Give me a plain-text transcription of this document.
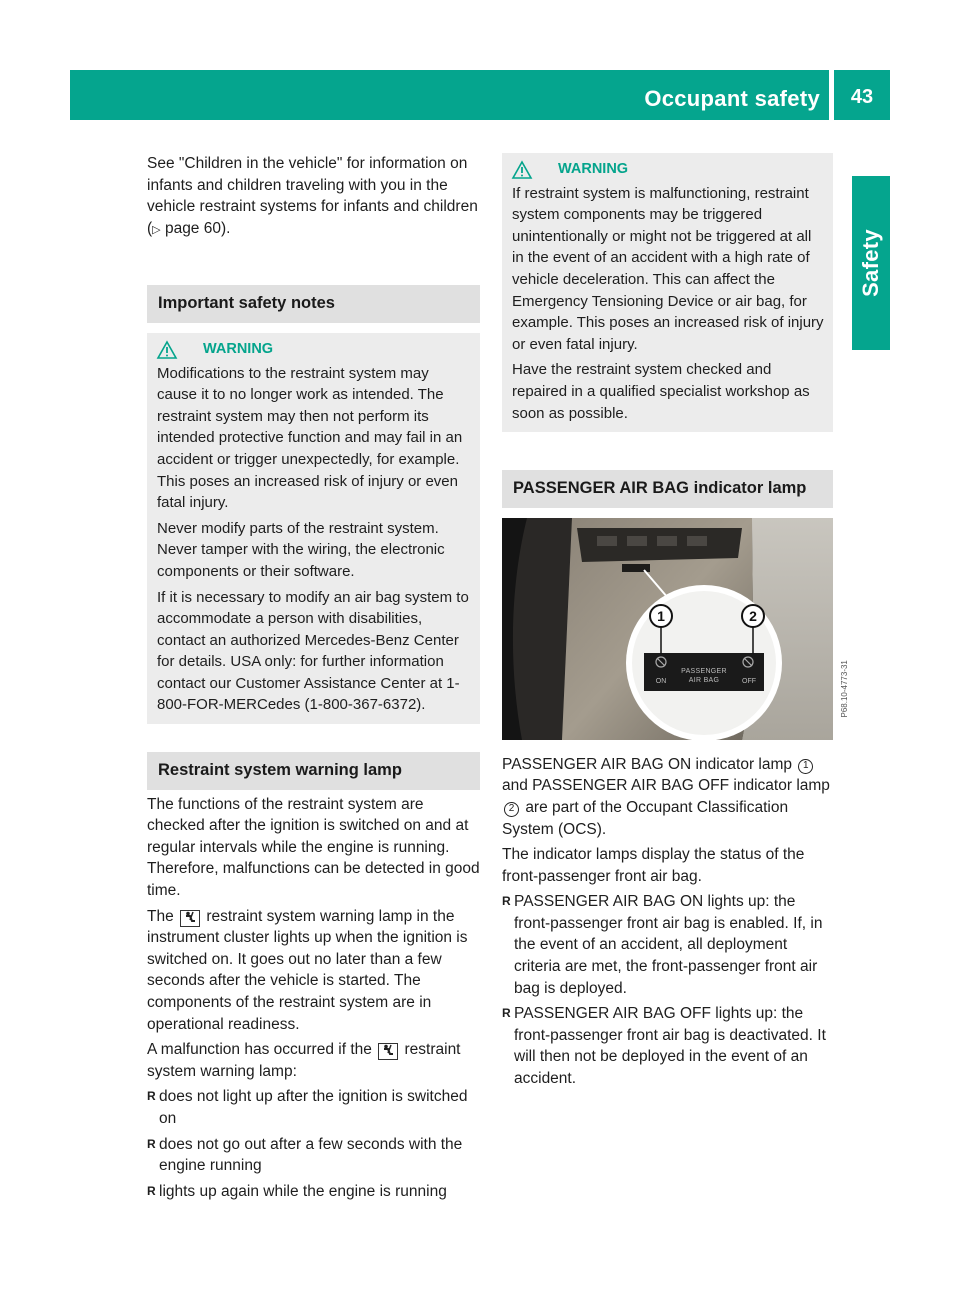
Occupant safety	43
Safety

See "Children in the vehicle" for information on infants and children traveling with you in the vehicle restraint systems for infants and children (▷ page 60).

Important safety notes
WARNING

Modifications to the restraint system may cause it to no longer work as intended. The restraint system may then not perform its intended protective function and may fail in an accident or trigger unexpectedly, for example. This poses an increased risk of injury or even fatal injury.

Never modify parts of the restraint system. Never tamper with the wiring, the electronic components or their software.

If it is necessary to modify an air bag system to accommodate a person with disabilities, contact an authorized Mercedes-Benz Center for details. USA only: for further information contact our Customer Assistance Center at 1-800-FOR-MERCedes (1-800-367-6372).

Restraint system warning lamp

The functions of the restraint system are checked after the ignition is switched on and at regular intervals while the engine is running. Therefore, malfunctions can be detected in good time.

The restraint system warning lamp in the instrument cluster lights up when the ignition is switched on. It goes out no later than a few seconds after the vehicle is started. The components of the restraint system are in operational readiness.

A malfunction has occurred if the restraint system warning lamp:

R does not light up after the ignition is switched on
R does not go out after a few seconds with the engine running
R lights up again while the engine is running
WARNING

If restraint system is malfunctioning, restraint system components may be triggered unintentionally or might not be triggered at all in the event of an accident with a high rate of vehicle deceleration. This can affect the Emergency Tensioning Device or air bag, for example. This poses an increased risk of injury or even fatal injury.

Have the restraint system checked and repaired in a qualified specialist workshop as soon as possible.

PASSENGER AIR BAG indicator lamp
1	2
ON	OFF
PASSENGER
AIR BAG	P68.10-4773-31

PASSENGER AIR BAG ON indicator lamp 1 and PASSENGER AIR BAG OFF indicator lamp 2 are part of the Occupant Classification System (OCS).

The indicator lamps display the status of the front-passenger front air bag.

R PASSENGER AIR BAG ON lights up: the front-passenger front air bag is enabled. If, in the event of an accident, all deployment criteria are met, the front-passenger front air bag is deployed.
R PASSENGER AIR BAG OFF lights up: the front-passenger front air bag is deactivated. It will then not be deployed in the event of an accident.
